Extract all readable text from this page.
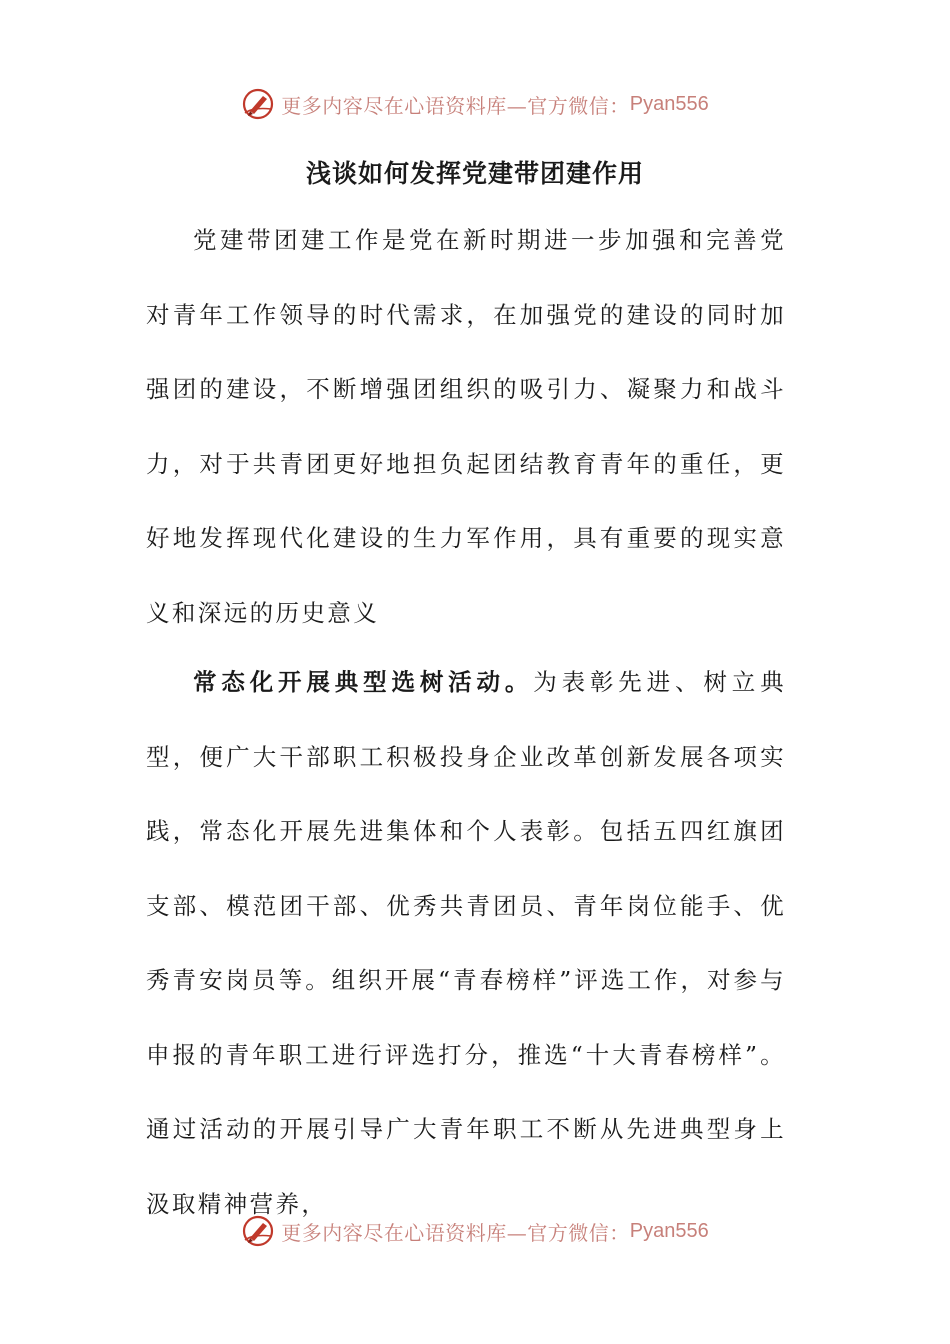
更多内容尽在心语资料库—官方微信： Pyan556
浅谈如何发挥党建带团建作用

党建带团建工作是党在新时期进一步加强和完善党对青年工作领导的时代需求，在加强党的建设的同时加强团的建设，不断增强团组织的吸引力、凝聚力和战斗力，对于共青团更好地担负起团结教育青年的重任，更好地发挥现代化建设的生力军作用，具有重要的现实意义和深远的历史意义

常态化开展典型选树活动。为表彰先进、树立典型，便广大干部职工积极投身企业改革创新发展各项实践，常态化开展先进集体和个人表彰。包括五四红旗团支部、模范团干部、优秀共青团员、青年岗位能手、优秀青安岗员等。组织开展“青春榜样”评选工作，对参与申报的青年职工进行评选打分，推选“十大青春榜样”。通过活动的开展引导广大青年职工不断从先进典型身上汲取精神营养，

更多内容尽在心语资料库—官方微信： Pyan556
